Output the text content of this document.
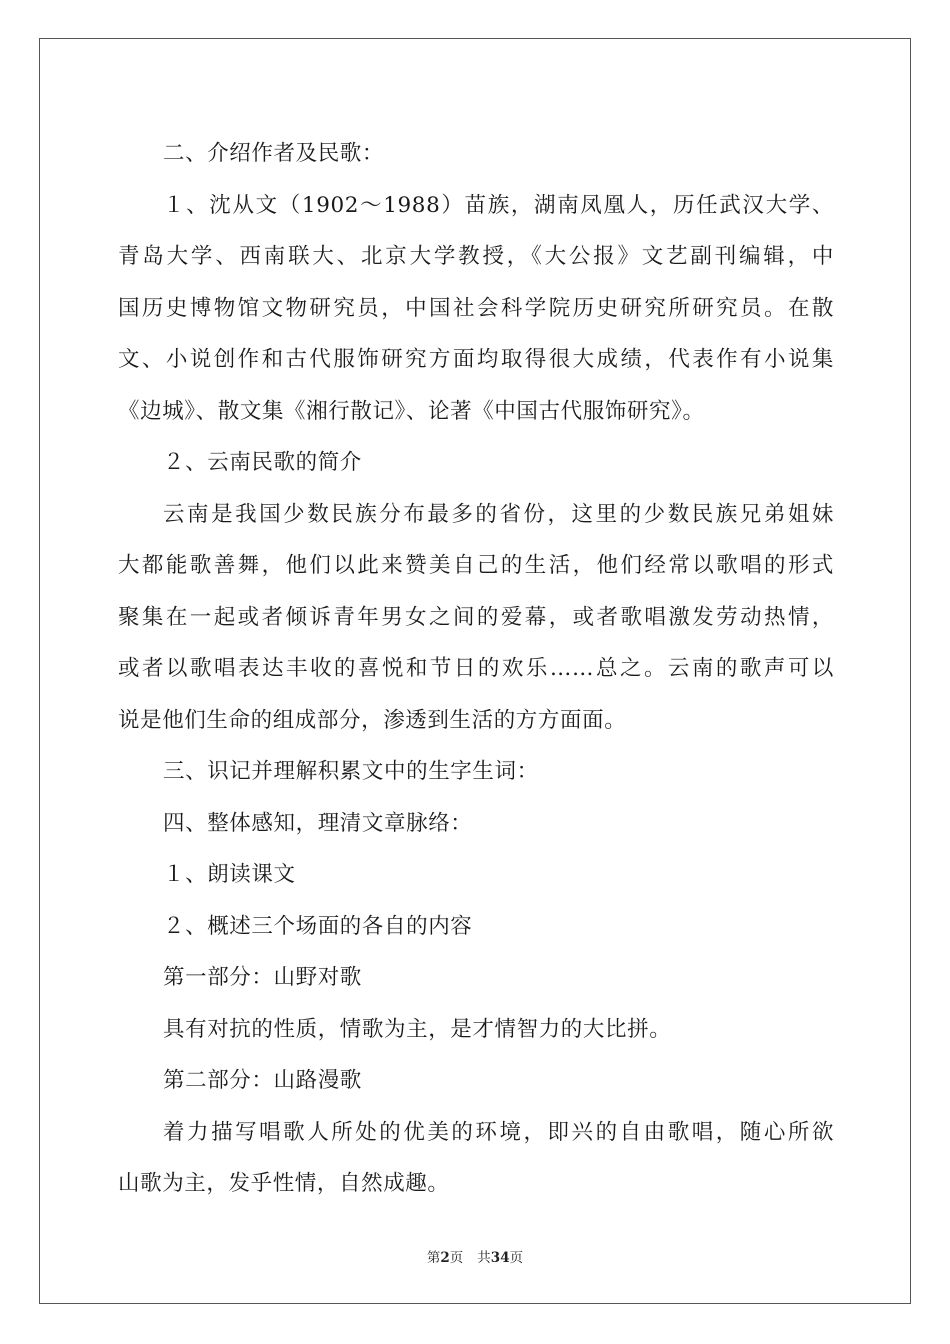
二、介绍作者及民歌：
１、沈从文（1902～1988）苗族，湖南凤凰人，历任武汉大学、
青岛大学、西南联大、北京大学教授，《大公报》文艺副刊编辑，中
国历史博物馆文物研究员，中国社会科学院历史研究所研究员。在散
文、小说创作和古代服饰研究方面均取得很大成绩，代表作有小说集
《边城》、散文集《湘行散记》、论著《中国古代服饰研究》。
２、云南民歌的简介
云南是我国少数民族分布最多的省份，这里的少数民族兄弟姐妹
大都能歌善舞，他们以此来赞美自己的生活，他们经常以歌唱的形式
聚集在一起或者倾诉青年男女之间的爱幕，或者歌唱激发劳动热情，
或者以歌唱表达丰收的喜悦和节日的欢乐……总之。云南的歌声可以
说是他们生命的组成部分，渗透到生活的方方面面。
三、识记并理解积累文中的生字生词：
四、整体感知，理清文章脉络：
１、朗读课文
２、概述三个场面的各自的内容
第一部分：山野对歌
具有对抗的性质，情歌为主，是才情智力的大比拼。
第二部分：山路漫歌
着力描写唱歌人所处的优美的环境，即兴的自由歌唱，随心所欲
山歌为主，发乎性情，自然成趣。
第2页 共34页
